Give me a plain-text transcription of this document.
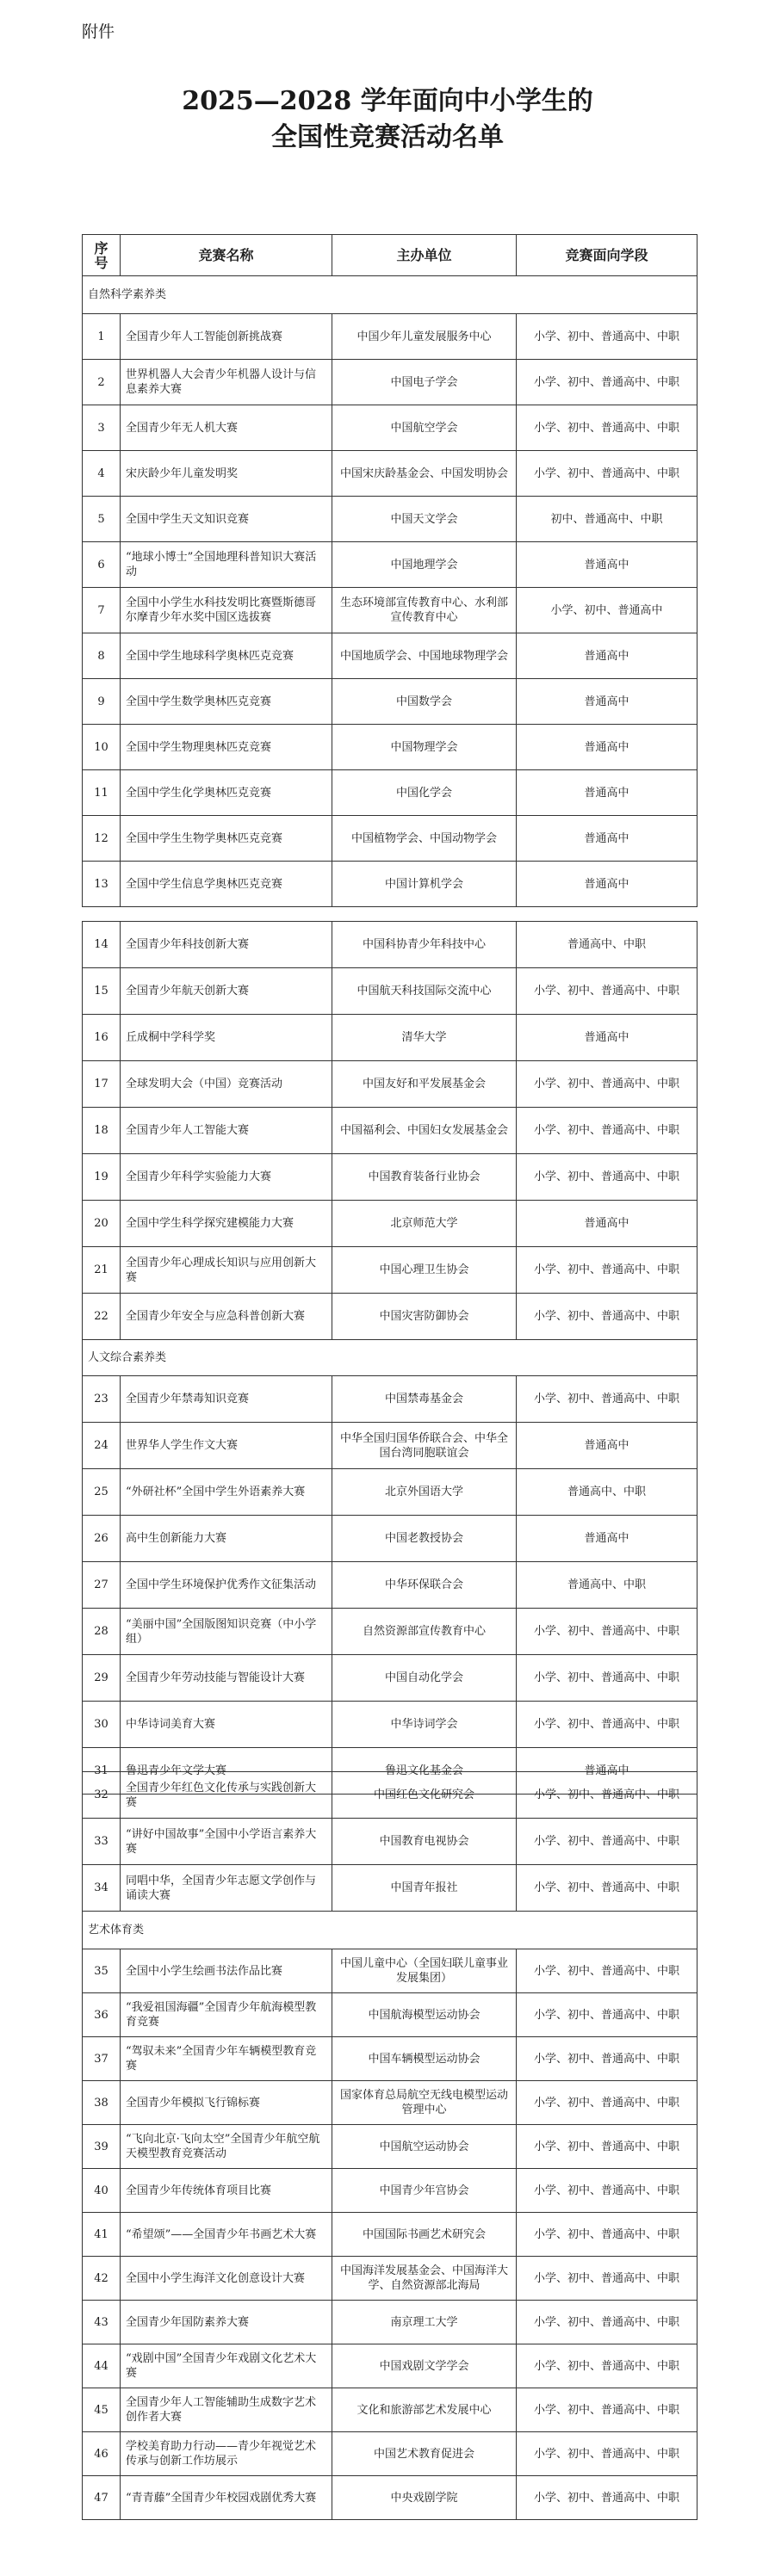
附件
2025—2028 学年面向中小学生的
全国性竞赛活动名单
序号	竞赛名称	主办单位	竞赛面向学段
自然科学素养类			
1	全国青少年人工智能创新挑战赛	中国少年儿童发展服务中心	小学、初中、普通高中、中职
2	世界机器人大会青少年机器人设计与信息素养大赛	中国电子学会	小学、初中、普通高中、中职
3	全国青少年无人机大赛	中国航空学会	小学、初中、普通高中、中职
4	宋庆龄少年儿童发明奖	中国宋庆龄基金会、中国发明协会	小学、初中、普通高中、中职
5	全国中学生天文知识竞赛	中国天文学会	初中、普通高中、中职
6	“地球小博士”全国地理科普知识大赛活动	中国地理学会	普通高中
7	全国中小学生水科技发明比赛暨斯德哥尔摩青少年水奖中国区选拔赛	生态环境部宣传教育中心、水利部宣传教育中心	小学、初中、普通高中
8	全国中学生地球科学奥林匹克竞赛	中国地质学会、中国地球物理学会	普通高中
9	全国中学生数学奥林匹克竞赛	中国数学会	普通高中
10	全国中学生物理奥林匹克竞赛	中国物理学会	普通高中
11	全国中学生化学奥林匹克竞赛	中国化学会	普通高中
12	全国中学生生物学奥林匹克竞赛	中国植物学会、中国动物学会	普通高中
13	全国中学生信息学奥林匹克竞赛	中国计算机学会	普通高中
14	全国青少年科技创新大赛	中国科协青少年科技中心	普通高中、中职
15	全国青少年航天创新大赛	中国航天科技国际交流中心	小学、初中、普通高中、中职
16	丘成桐中学科学奖	清华大学	普通高中
17	全球发明大会（中国）竞赛活动	中国友好和平发展基金会	小学、初中、普通高中、中职
18	全国青少年人工智能大赛	中国福利会、中国妇女发展基金会	小学、初中、普通高中、中职
19	全国青少年科学实验能力大赛	中国教育装备行业协会	小学、初中、普通高中、中职
20	全国中学生科学探究建模能力大赛	北京师范大学	普通高中
21	全国青少年心理成长知识与应用创新大赛	中国心理卫生协会	小学、初中、普通高中、中职
22	全国青少年安全与应急科普创新大赛	中国灾害防御协会	小学、初中、普通高中、中职
人文综合素养类			
23	全国青少年禁毒知识竞赛	中国禁毒基金会	小学、初中、普通高中、中职
24	世界华人学生作文大赛	中华全国归国华侨联合会、中华全国台湾同胞联谊会	普通高中
25	“外研社杯”全国中学生外语素养大赛	北京外国语大学	普通高中、中职
26	高中生创新能力大赛	中国老教授协会	普通高中
27	全国中学生环境保护优秀作文征集活动	中华环保联合会	普通高中、中职
28	“美丽中国”全国版图知识竞赛（中小学组）	自然资源部宣传教育中心	小学、初中、普通高中、中职
29	全国青少年劳动技能与智能设计大赛	中国自动化学会	小学、初中、普通高中、中职
30	中华诗词美育大赛	中华诗词学会	小学、初中、普通高中、中职
31	鲁迅青少年文学大赛	鲁迅文化基金会	普通高中
32	全国青少年红色文化传承与实践创新大赛	中国红色文化研究会	小学、初中、普通高中、中职
33	“讲好中国故事”全国中小学语言素养大赛	中国教育电视协会	小学、初中、普通高中、中职
34	同唱中华，全国青少年志愿文学创作与诵读大赛	中国青年报社	小学、初中、普通高中、中职
艺术体育类			
35	全国中小学生绘画书法作品比赛	中国儿童中心（全国妇联儿童事业发展集团）	小学、初中、普通高中、中职
36	“我爱祖国海疆”全国青少年航海模型教育竞赛	中国航海模型运动协会	小学、初中、普通高中、中职
37	“驾驭未来”全国青少年车辆模型教育竞赛	中国车辆模型运动协会	小学、初中、普通高中、中职
38	全国青少年模拟飞行锦标赛	国家体育总局航空无线电模型运动管理中心	小学、初中、普通高中、中职
39	“飞向北京·飞向太空”全国青少年航空航天模型教育竞赛活动	中国航空运动协会	小学、初中、普通高中、中职
40	全国青少年传统体育项目比赛	中国青少年宫协会	小学、初中、普通高中、中职
41	“希望颂”——全国青少年书画艺术大赛	中国国际书画艺术研究会	小学、初中、普通高中、中职
42	全国中小学生海洋文化创意设计大赛	中国海洋发展基金会、中国海洋大学、自然资源部北海局	小学、初中、普通高中、中职
43	全国青少年国防素养大赛	南京理工大学	小学、初中、普通高中、中职
44	“戏剧中国”全国青少年戏剧文化艺术大赛	中国戏剧文学学会	小学、初中、普通高中、中职
45	全国青少年人工智能辅助生成数字艺术创作者大赛	文化和旅游部艺术发展中心	小学、初中、普通高中、中职
46	学校美育助力行动——青少年视觉艺术传承与创新工作坊展示	中国艺术教育促进会	小学、初中、普通高中、中职
47	“青青藤”全国青少年校园戏剧优秀大赛	中央戏剧学院	小学、初中、普通高中、中职
